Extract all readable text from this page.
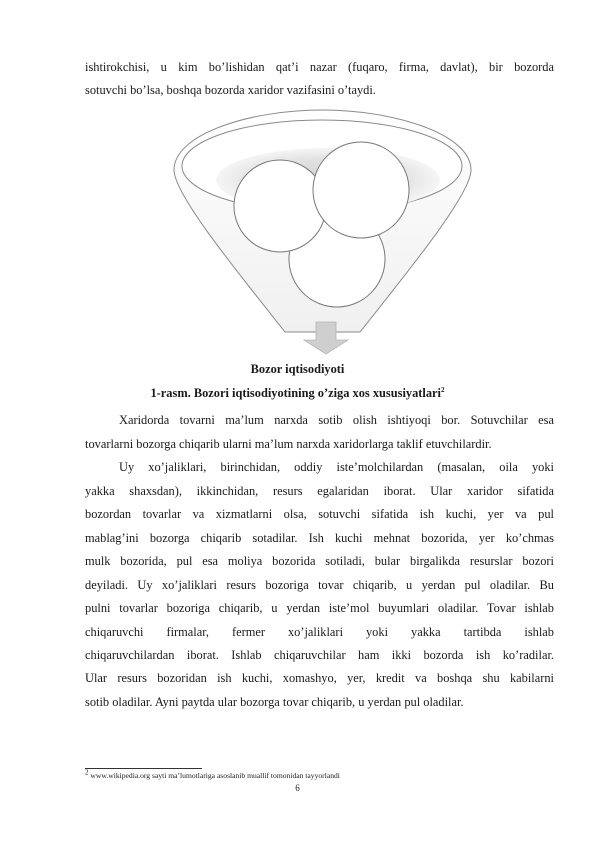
ishtirokchisi, u kim bo’lishidan qat’i nazar (fuqaro, firma, davlat), bir bozorda

sotuvchi bo’lsa, boshqa bozorda xaridor vazifasini o’taydi.

Bozor iqtisodiyoti
1-rasm. Bozori iqtisodiyotining o’ziga xos xususiyatlari$^2$

Xaridorda tovarni ma’lum narxda sotib olish ishtiyoqi bor. Sotuvchilar esa

tovarlarni bozorga chiqarib ularni ma’lum narxda xaridorlarga taklif etuvchilardir.

Uy xo’jaliklari, birinchidan, oddiy iste’molchilardan (masalan, oila yoki

yakka shaxsdan), ikkinchidan, resurs egalaridan iborat. Ular xaridor sifatida

bozordan tovarlar va xizmatlarni olsa, sotuvchi sifatida ish kuchi, yer va pul

mablag’ini bozorga chiqarib sotadilar. Ish kuchi mehnat bozorida, yer ko’chmas

mulk bozorida, pul esa moliya bozorida sotiladi, bular birgalikda resurslar bozori

deyiladi. Uy xo’jaliklari resurs bozoriga tovar chiqarib, u yerdan pul oladilar. Bu

pulni tovarlar bozoriga chiqarib, u yerdan iste’mol buyumlari oladilar. Tovar ishlab

chiqaruvchi firmalar, fermer xo’jaliklari yoki yakka tartibda ishlab

chiqaruvchilardan iborat. Ishlab chiqaruvchilar ham ikki bozorda ish ko’radilar.

Ular resurs bozoridan ish kuchi, xomashyo, yer, kredit va boshqa shu kabilarni

sotib oladilar. Ayni paytda ular bozorga tovar chiqarib, u yerdan pul oladilar.

$^2$ www.wikipedia.org sayti ma’lumotlariga asoslanib muallif tomonidan tayyorlandi
6
